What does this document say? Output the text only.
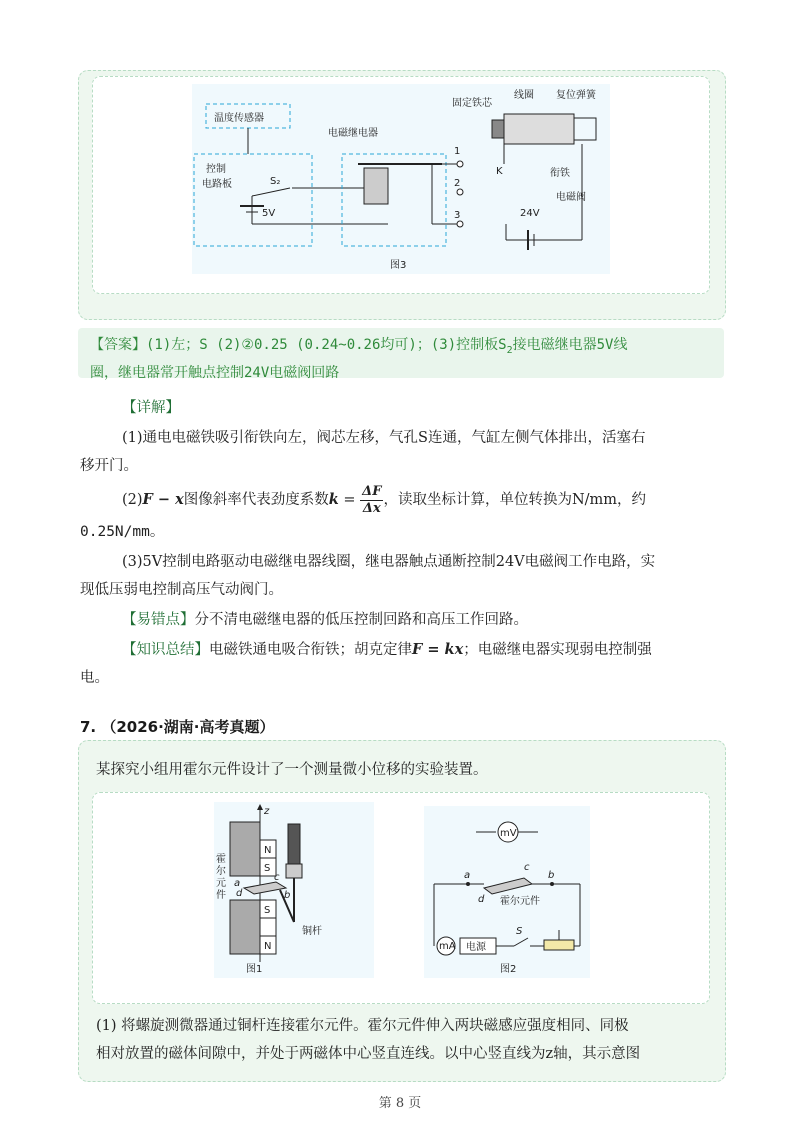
温度传感器
控制
电路板	S₂
5V
电磁继电器
1
2
3
固定铁芯
线圈 复位弹簧
K	衔铁
电磁阀
24V
图3
【答案】(1)左；S (2)②0.25 (0.24~0.26均可)；(3)控制板$S_2$接电磁继电器5V线
圈，继电器常开触点控制24V电磁阀回路
【详解】
(1)通电电磁铁吸引衔铁向左，阀芯左移，气孔S连通，气缸左侧气体排出，活塞右
移开门。
(2)F − x图像斜率代表劲度系数$k = \frac{\Delta F}{\Delta x}$ ，读取坐标计算，单位转换为N/mm，约
0.25N/mm。
(3)5V控制电路驱动电磁继电器线圈，继电器触点通断控制24V电磁阀工作电路，实
现低压弱电控制高压气动阀门。
【易错点】分不清电磁继电器的低压控制回路和高压工作回路。
【知识总结】电磁铁通电吸合衔铁；胡克定律F = kx；电磁继电器实现弱电控制强
电。
7. （2026·湖南·高考真题）
某探究小组用霍尔元件设计了一个测量微小位移的实验装置。
z
N
S
S
N
a
d
c
b
霍
尔
元
件
铜杆
图1
mV
a	b
c
d 霍尔元件
mA 电源
S
图2
(1) 将螺旋测微器通过铜杆连接霍尔元件。霍尔元件伸入两块磁感应强度相同、同极
相对放置的磁体间隙中，并处于两磁体中心竖直连线。以中心竖直线为z轴，其示意图
第 8 页
